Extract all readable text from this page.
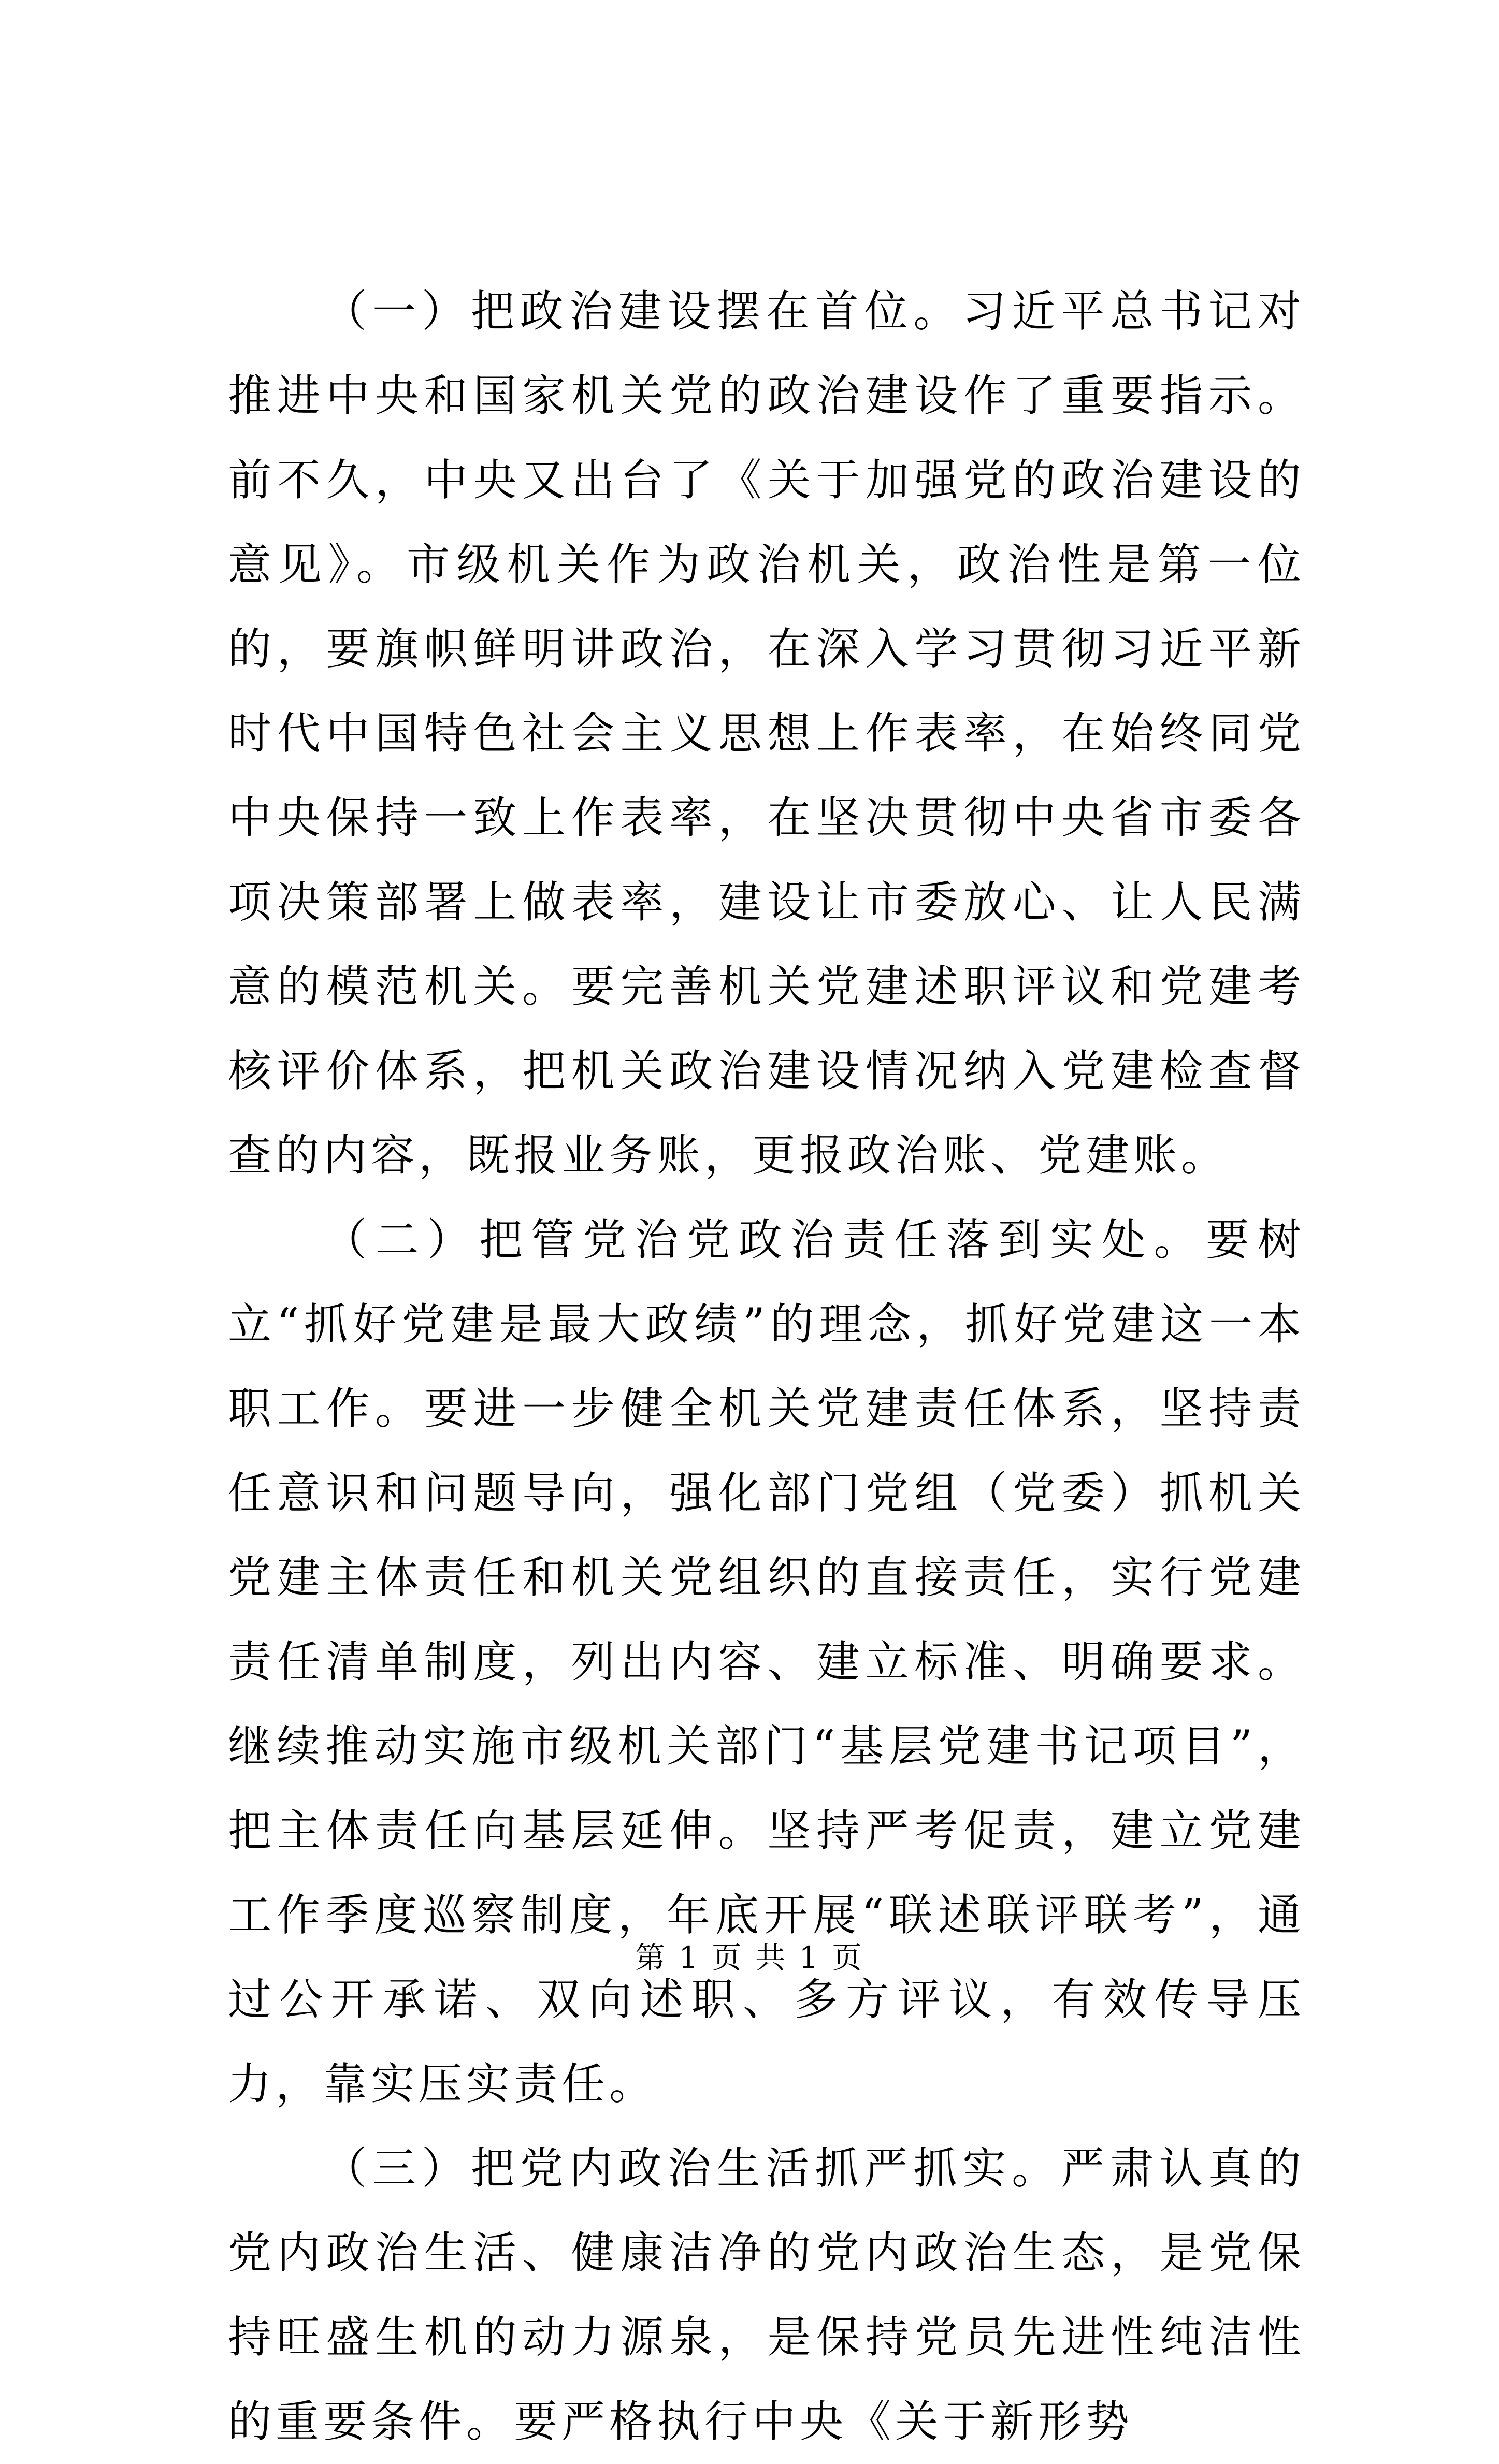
（一）把政治建设摆在首位。习近平总书记对推进中央和国家机关党的政治建设作了重要指示。前不久，中央又出台了《关于加强党的政治建设的意见》。市级机关作为政治机关，政治性是第一位的，要旗帜鲜明讲政治，在深入学习贯彻习近平新时代中国特色社会主义思想上作表率，在始终同党中央保持一致上作表率，在坚决贯彻中央省市委各项决策部署上做表率，建设让市委放心、让人民满意的模范机关。要完善机关党建述职评议和党建考核评价体系，把机关政治建设情况纳入党建检查督查的内容，既报业务账，更报政治账、党建账。

（二）把管党治党政治责任落到实处。要树立“抓好党建是最大政绩”的理念，抓好党建这一本职工作。要进一步健全机关党建责任体系，坚持责任意识和问题导向，强化部门党组（党委）抓机关党建主体责任和机关党组织的直接责任，实行党建责任清单制度，列出内容、建立标准、明确要求。继续推动实施市级机关部门“基层党建书记项目”，把主体责任向基层延伸。坚持严考促责，建立党建工作季度巡察制度，年底开展“联述联评联考”，通过公开承诺、双向述职、多方评议，有效传导压力，靠实压实责任。

（三）把党内政治生活抓严抓实。严肃认真的党内政治生活、健康洁净的党内政治生态，是党保持旺盛生机的动力源泉，是保持党员先进性纯洁性的重要条件。要严格执行中央《关于新形势

第 1 页 共 1 页
